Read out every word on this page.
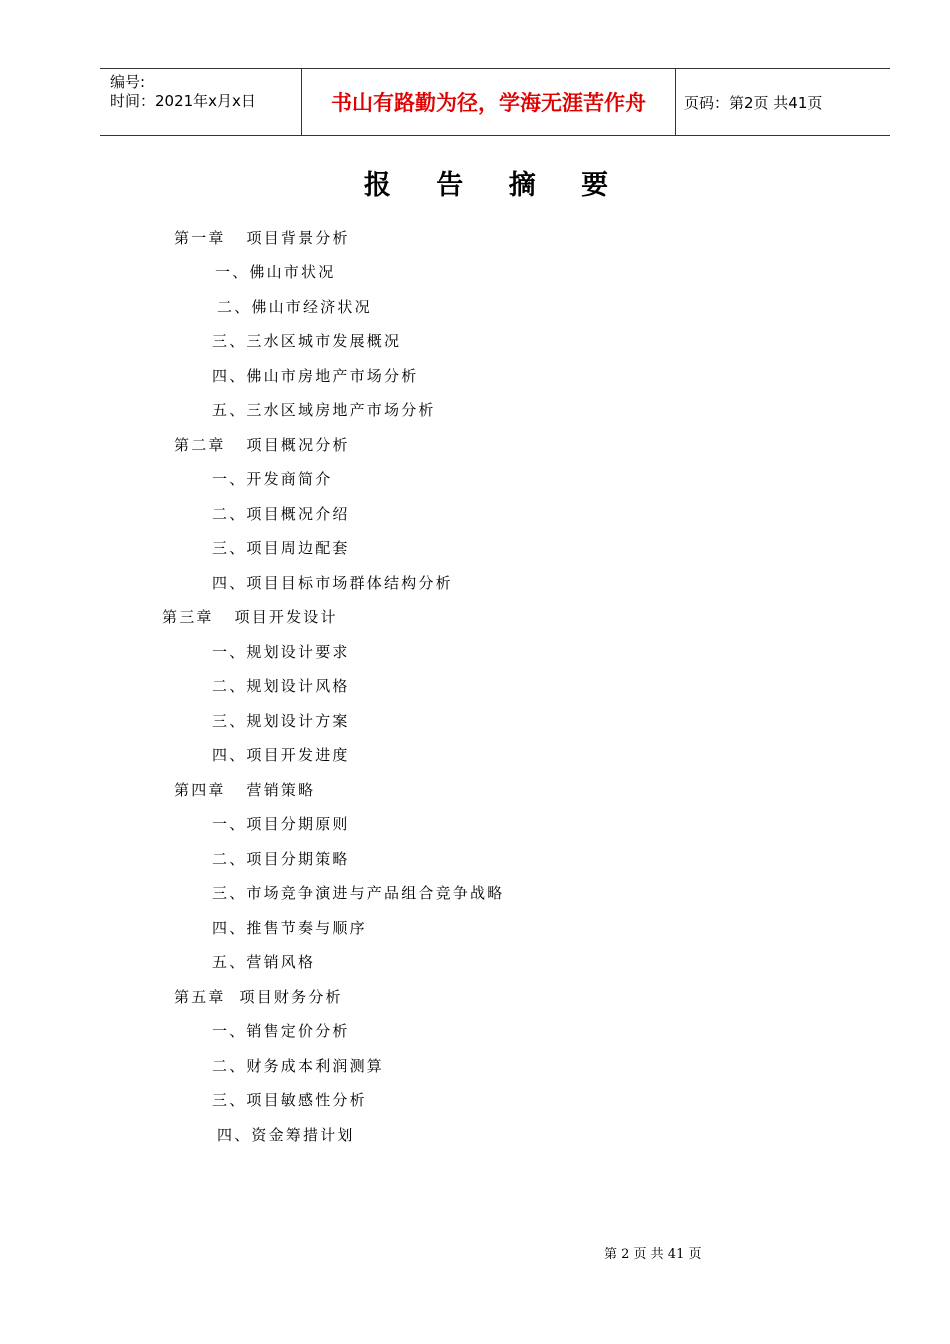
编号:
时间：2021年x月x日	书山有路勤为径，学海无涯苦作舟	页码：第2页 共41页
报 告 摘 要
第一章   项目背景分析
一、佛山市状况
二、佛山市经济状况
三、三水区城市发展概况
四、佛山市房地产市场分析
五、三水区域房地产市场分析
第二章   项目概况分析
一、开发商简介
二、项目概况介绍
三、项目周边配套
四、项目目标市场群体结构分析
第三章   项目开发设计
一、规划设计要求
二、规划设计风格
三、规划设计方案
四、项目开发进度
第四章   营销策略
一、项目分期原则
二、项目分期策略
三、市场竞争演进与产品组合竞争战略
四、推售节奏与顺序
五、营销风格
第五章  项目财务分析
一、销售定价分析
二、财务成本利润测算
三、项目敏感性分析
四、资金筹措计划
第 2 页 共 41 页
